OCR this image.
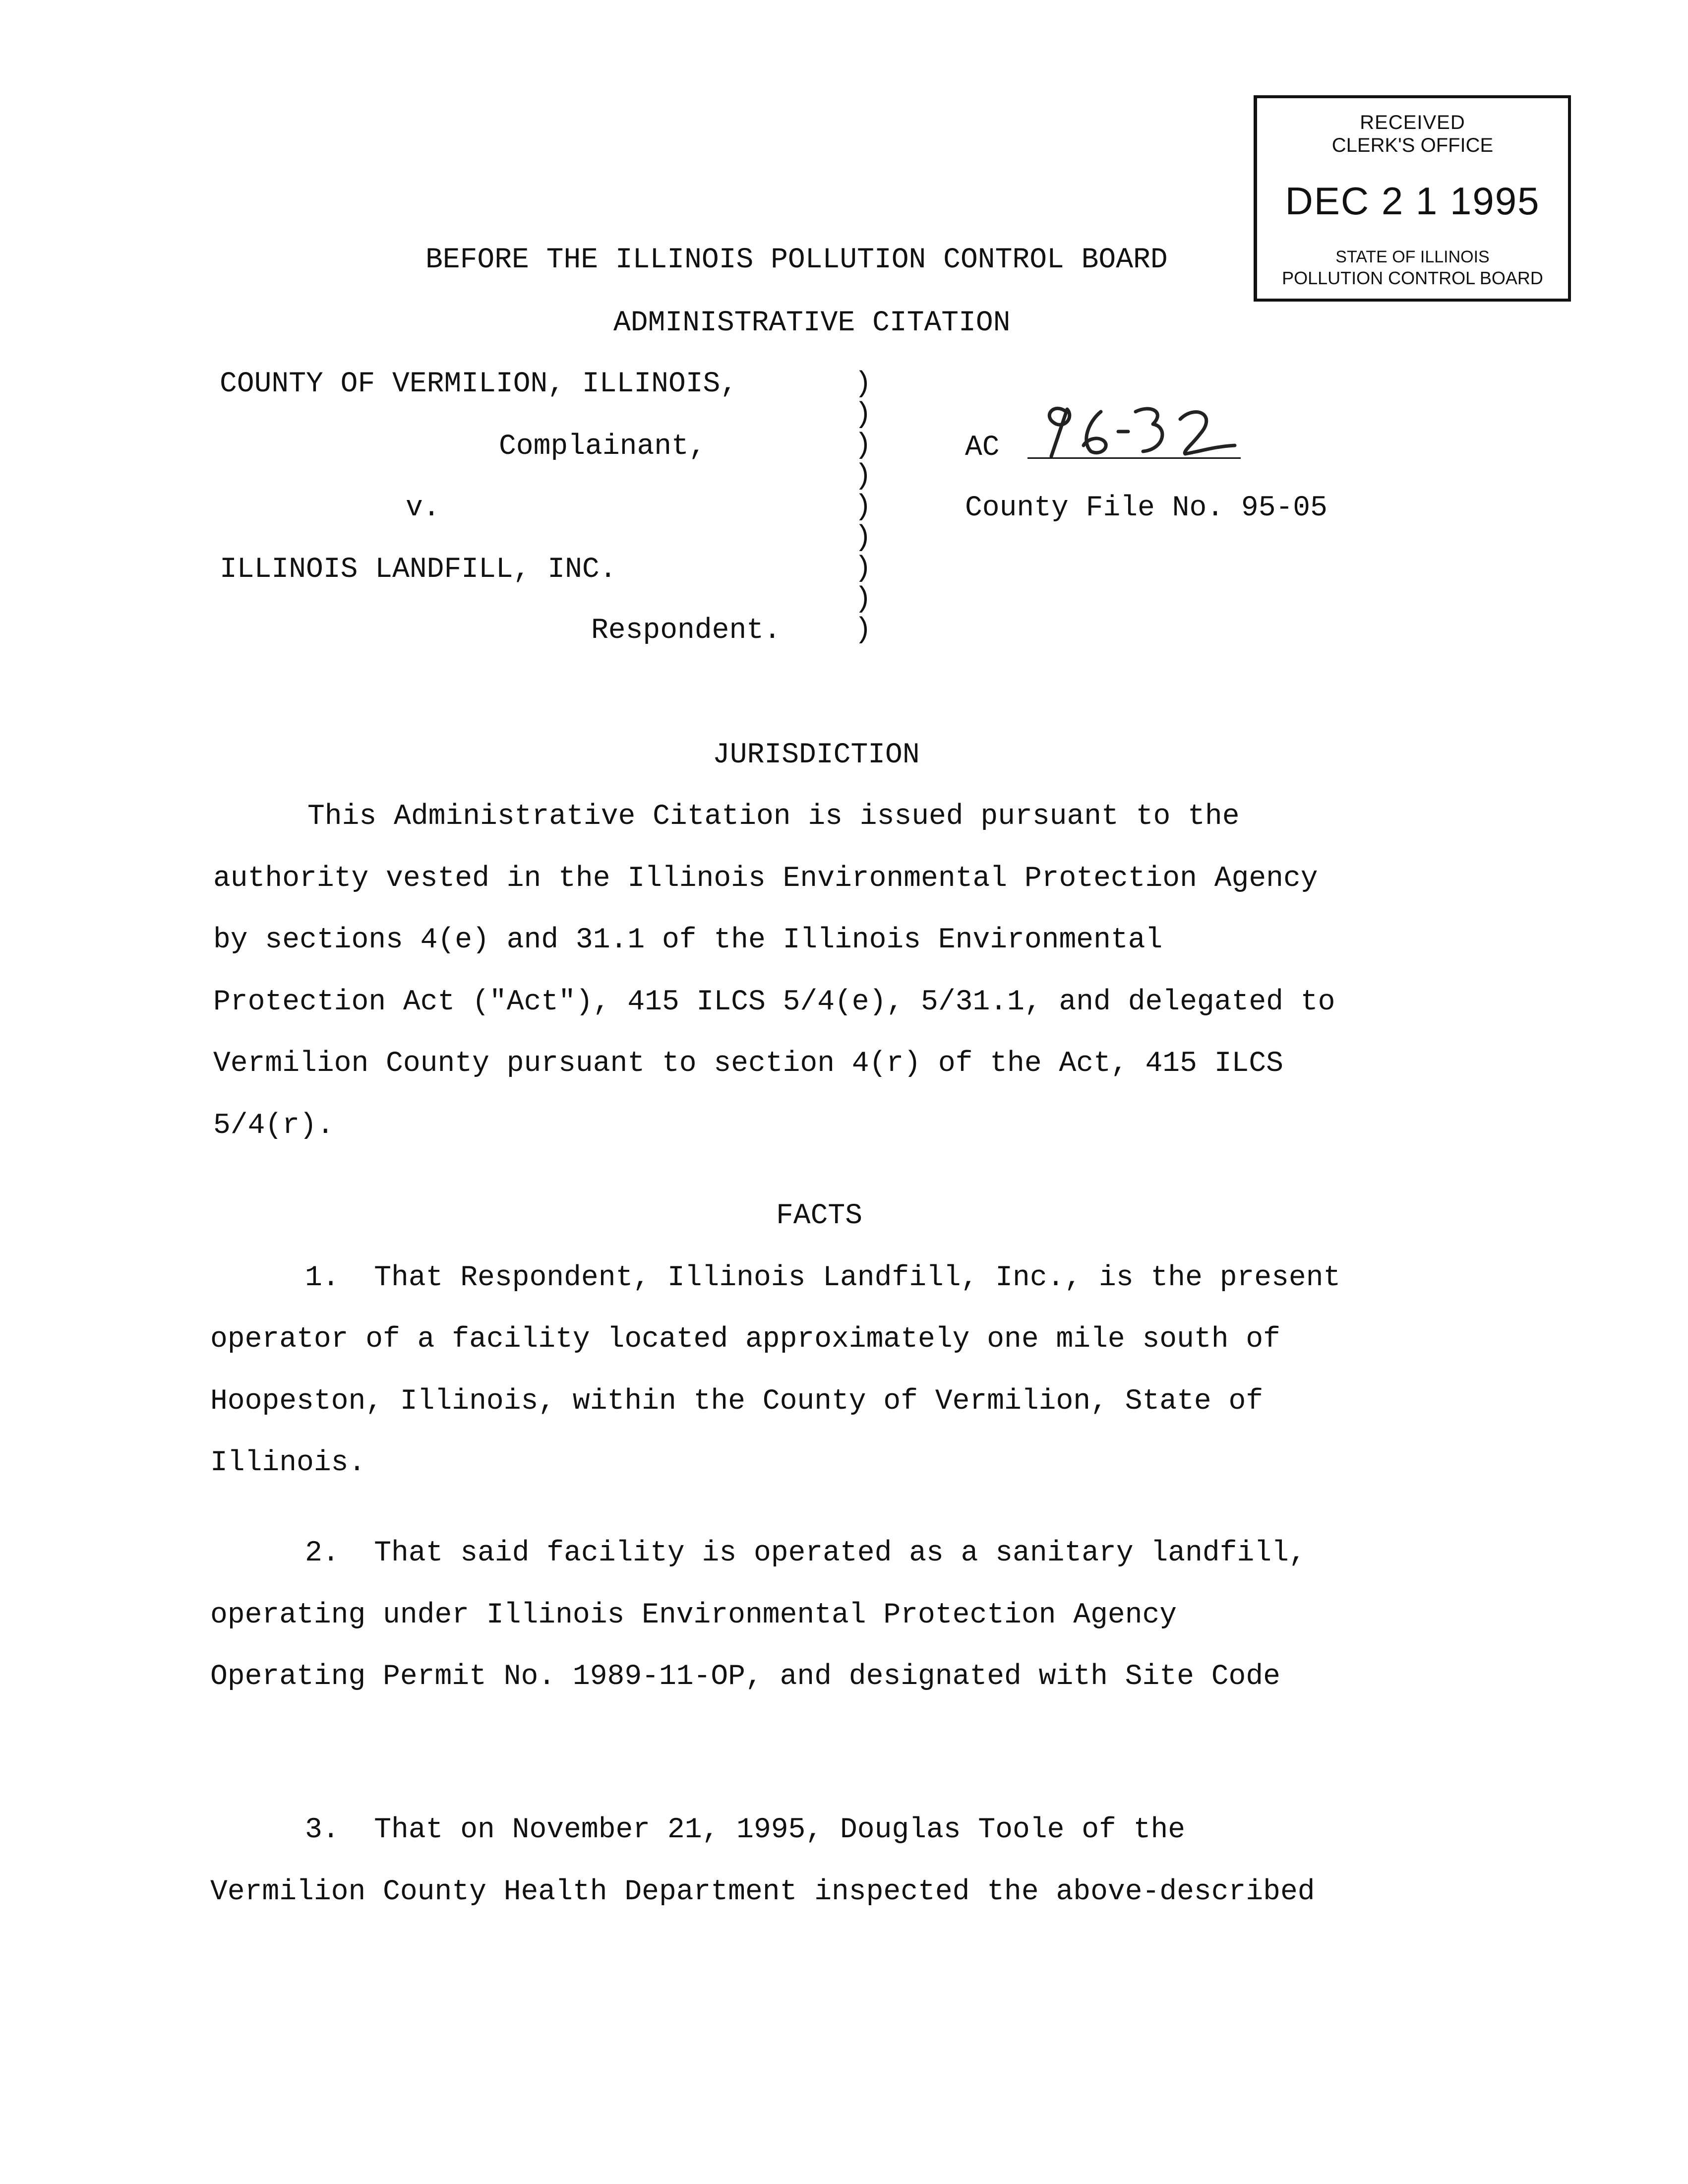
RECEIVED
CLERK'S OFFICE
DEC 2 1 1995
STATE OF ILLINOIS
POLLUTION CONTROL BOARD
BEFORE THE ILLINOIS POLLUTION CONTROL BOARD
ADMINISTRATIVE CITATION
COUNTY OF VERMILION, ILLINOIS,
Complainant,
v.
ILLINOIS LANDFILL, INC.
Respondent.
)
)
)
)
)
)
)
)
)
AC
County File No. 95-05
JURISDICTION
This Administrative Citation is issued pursuant to the
authority vested in the Illinois Environmental Protection Agency
by sections 4(e) and 31.1 of the Illinois Environmental
Protection Act ("Act"), 415 ILCS 5/4(e), 5/31.1, and delegated to
Vermilion County pursuant to section 4(r) of the Act, 415 ILCS
5/4(r).
FACTS
1.  That Respondent, Illinois Landfill, Inc., is the present
operator of a facility located approximately one mile south of
Hoopeston, Illinois, within the County of Vermilion, State of
Illinois.
2.  That said facility is operated as a sanitary landfill,
operating under Illinois Environmental Protection Agency
Operating Permit No. 1989-11-OP, and designated with Site Code
3.  That on November 21, 1995, Douglas Toole of the
Vermilion County Health Department inspected the above-described
